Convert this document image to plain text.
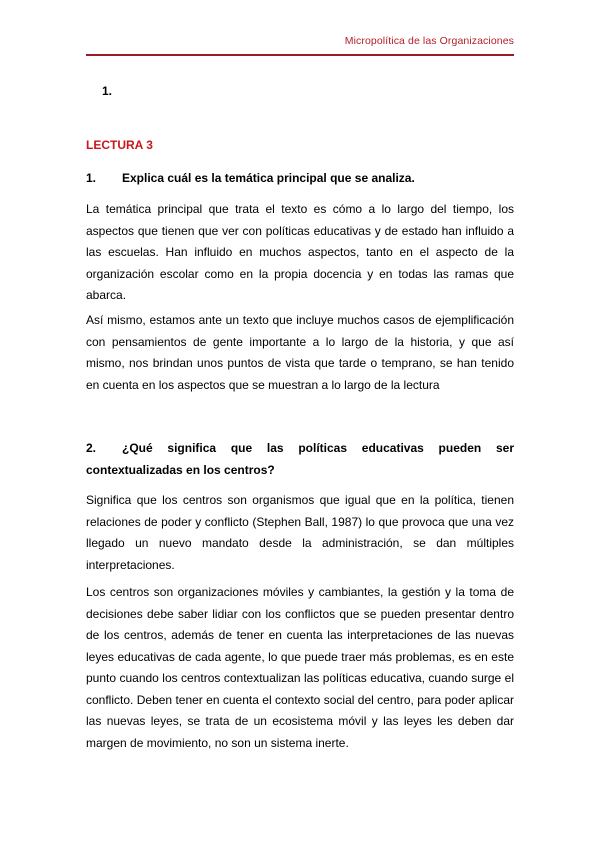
Micropolítica de las Organizaciones
1.
LECTURA 3
1.	Explica cuál es la temática principal que se analiza.

La temática principal que trata el texto es cómo a lo largo del tiempo, los aspectos que tienen que ver con políticas educativas y de estado han influido a las escuelas. Han influido en muchos aspectos, tanto en el aspecto de la organización escolar como en la propia docencia y en todas las ramas que abarca.

Así mismo, estamos ante un texto que incluye muchos casos de ejemplificación con pensamientos de gente importante a lo largo de la historia, y que así mismo, nos brindan unos puntos de vista que tarde o temprano, se han tenido en cuenta en los aspectos que se muestran a lo largo de la lectura

2. ¿Qué significa que las políticas educativas pueden ser contextualizadas en los centros?

Significa que los centros son organismos que igual que en la política, tienen relaciones de poder y conflicto (Stephen Ball, 1987) lo que provoca que una vez llegado un nuevo mandato desde la administración, se dan múltiples interpretaciones.

Los centros son organizaciones móviles y cambiantes, la gestión y la toma de decisiones debe saber lidiar con los conflictos que se pueden presentar dentro de los centros, además de tener en cuenta las interpretaciones de las nuevas leyes educativas de cada agente, lo que puede traer más problemas, es en este punto cuando los centros contextualizan las políticas educativa, cuando surge el conflicto. Deben tener en cuenta el contexto social del centro, para poder aplicar las nuevas leyes, se trata de un ecosistema móvil y las leyes les deben dar margen de movimiento, no son un sistema inerte.
